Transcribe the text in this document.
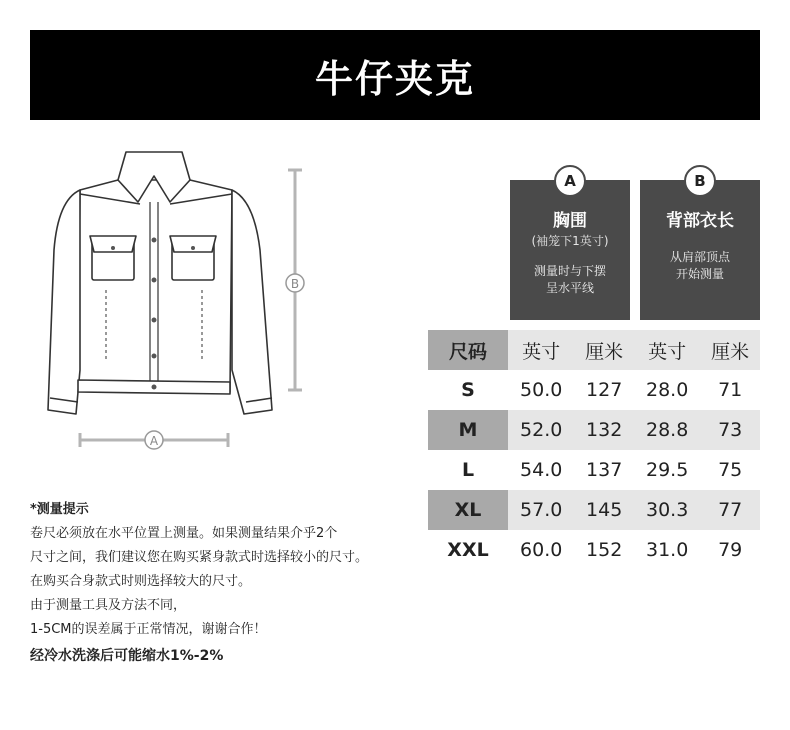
牛仔夹克
B
A
A
胸围
(袖笼下1英寸)
测量时与下摆
呈水平线
B
背部衣长
从肩部顶点
开始测量
尺码	英寸	厘米	英寸	厘米
S	50.0	127	28.0	71
M	52.0	132	28.8	73
L	54.0	137	29.5	75
XL	57.0	145	30.3	77
XXL	60.0	152	31.0	79
*测量提示
卷尺必须放在水平位置上测量。如果测量结果介乎2个
尺寸之间，我们建议您在购买紧身款式时选择较小的尺寸。
在购买合身款式时则选择较大的尺寸。
由于测量工具及方法不同，
1-5CM的误差属于正常情况，谢谢合作！
经冷水洗涤后可能缩水1%-2%
